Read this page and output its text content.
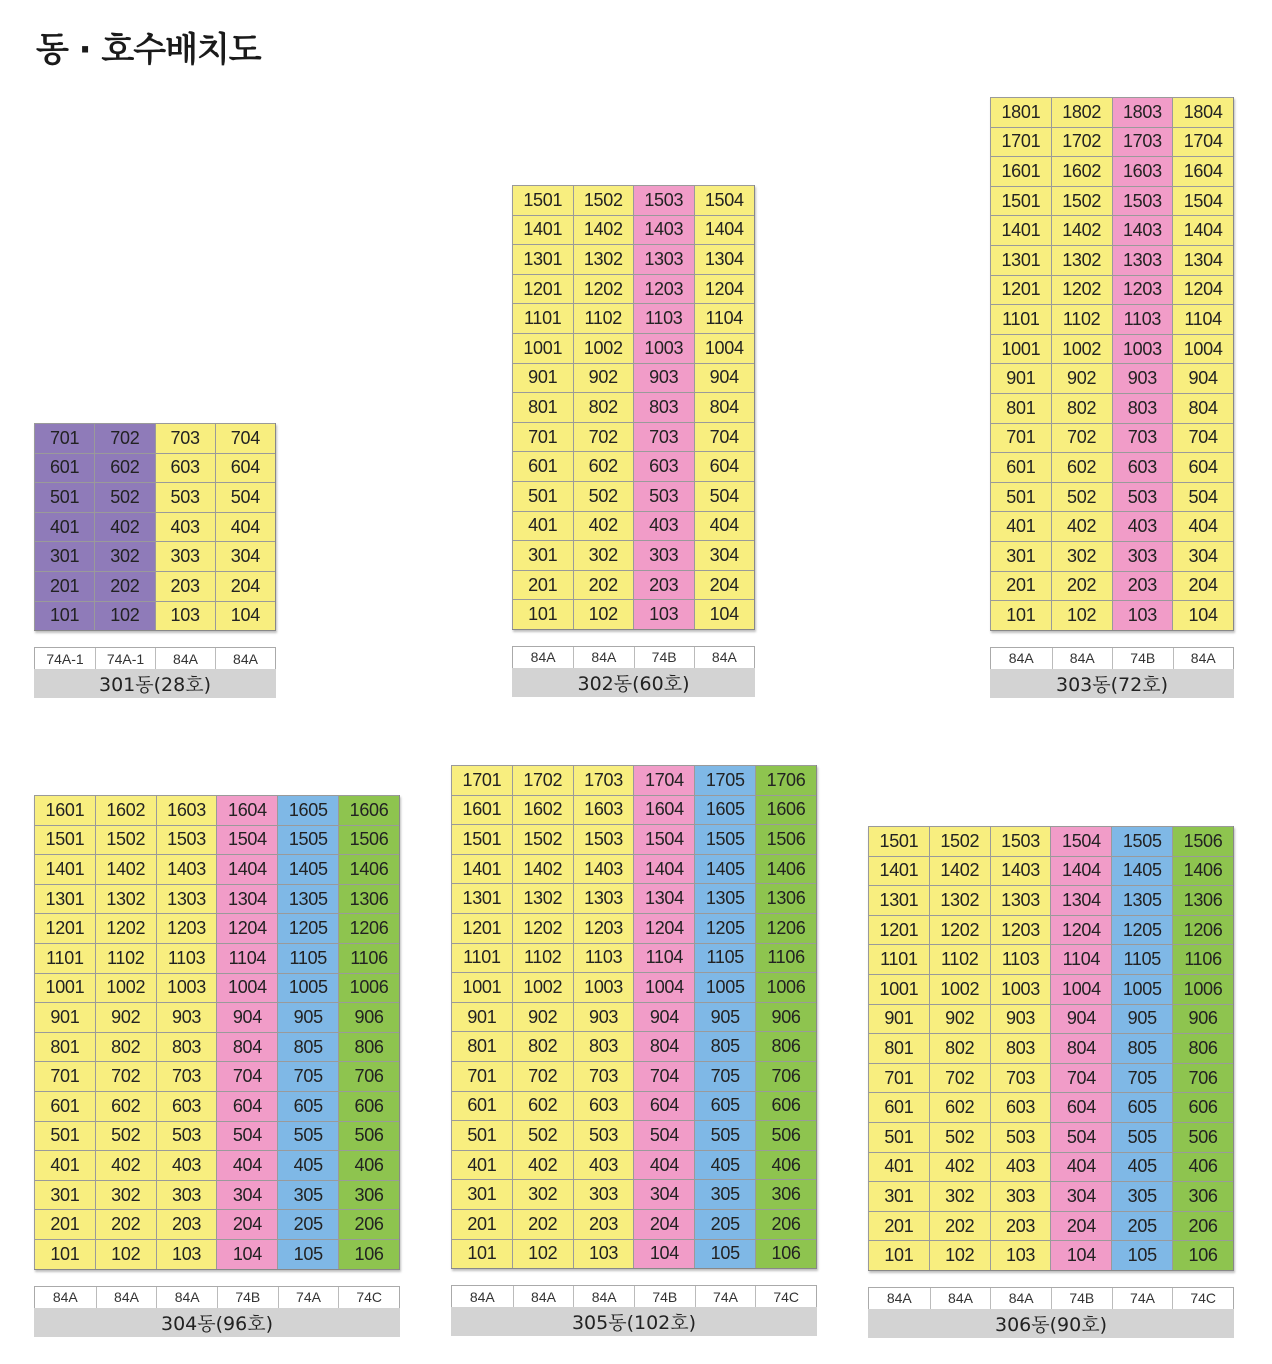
동 · 호수배치도
701	702	703	704
601	602	603	604
501	502	503	504
401	402	403	404
301	302	303	304
201	202	203	204
101	102	103	104
74A-1	74A-1	84A	84A
301동(28호)
1501	1502	1503	1504
1401	1402	1403	1404
1301	1302	1303	1304
1201	1202	1203	1204
1101	1102	1103	1104
1001	1002	1003	1004
901	902	903	904
801	802	803	804
701	702	703	704
601	602	603	604
501	502	503	504
401	402	403	404
301	302	303	304
201	202	203	204
101	102	103	104
84A	84A	74B	84A
302동(60호)
1801	1802	1803	1804
1701	1702	1703	1704
1601	1602	1603	1604
1501	1502	1503	1504
1401	1402	1403	1404
1301	1302	1303	1304
1201	1202	1203	1204
1101	1102	1103	1104
1001	1002	1003	1004
901	902	903	904
801	802	803	804
701	702	703	704
601	602	603	604
501	502	503	504
401	402	403	404
301	302	303	304
201	202	203	204
101	102	103	104
84A	84A	74B	84A
303동(72호)
1601	1602	1603	1604	1605	1606
1501	1502	1503	1504	1505	1506
1401	1402	1403	1404	1405	1406
1301	1302	1303	1304	1305	1306
1201	1202	1203	1204	1205	1206
1101	1102	1103	1104	1105	1106
1001	1002	1003	1004	1005	1006
901	902	903	904	905	906
801	802	803	804	805	806
701	702	703	704	705	706
601	602	603	604	605	606
501	502	503	504	505	506
401	402	403	404	405	406
301	302	303	304	305	306
201	202	203	204	205	206
101	102	103	104	105	106
84A	84A	84A	74B	74A	74C
304동(96호)
1701	1702	1703	1704	1705	1706
1601	1602	1603	1604	1605	1606
1501	1502	1503	1504	1505	1506
1401	1402	1403	1404	1405	1406
1301	1302	1303	1304	1305	1306
1201	1202	1203	1204	1205	1206
1101	1102	1103	1104	1105	1106
1001	1002	1003	1004	1005	1006
901	902	903	904	905	906
801	802	803	804	805	806
701	702	703	704	705	706
601	602	603	604	605	606
501	502	503	504	505	506
401	402	403	404	405	406
301	302	303	304	305	306
201	202	203	204	205	206
101	102	103	104	105	106
84A	84A	84A	74B	74A	74C
305동(102호)
1501	1502	1503	1504	1505	1506
1401	1402	1403	1404	1405	1406
1301	1302	1303	1304	1305	1306
1201	1202	1203	1204	1205	1206
1101	1102	1103	1104	1105	1106
1001	1002	1003	1004	1005	1006
901	902	903	904	905	906
801	802	803	804	805	806
701	702	703	704	705	706
601	602	603	604	605	606
501	502	503	504	505	506
401	402	403	404	405	406
301	302	303	304	305	306
201	202	203	204	205	206
101	102	103	104	105	106
84A	84A	84A	74B	74A	74C
306동(90호)
